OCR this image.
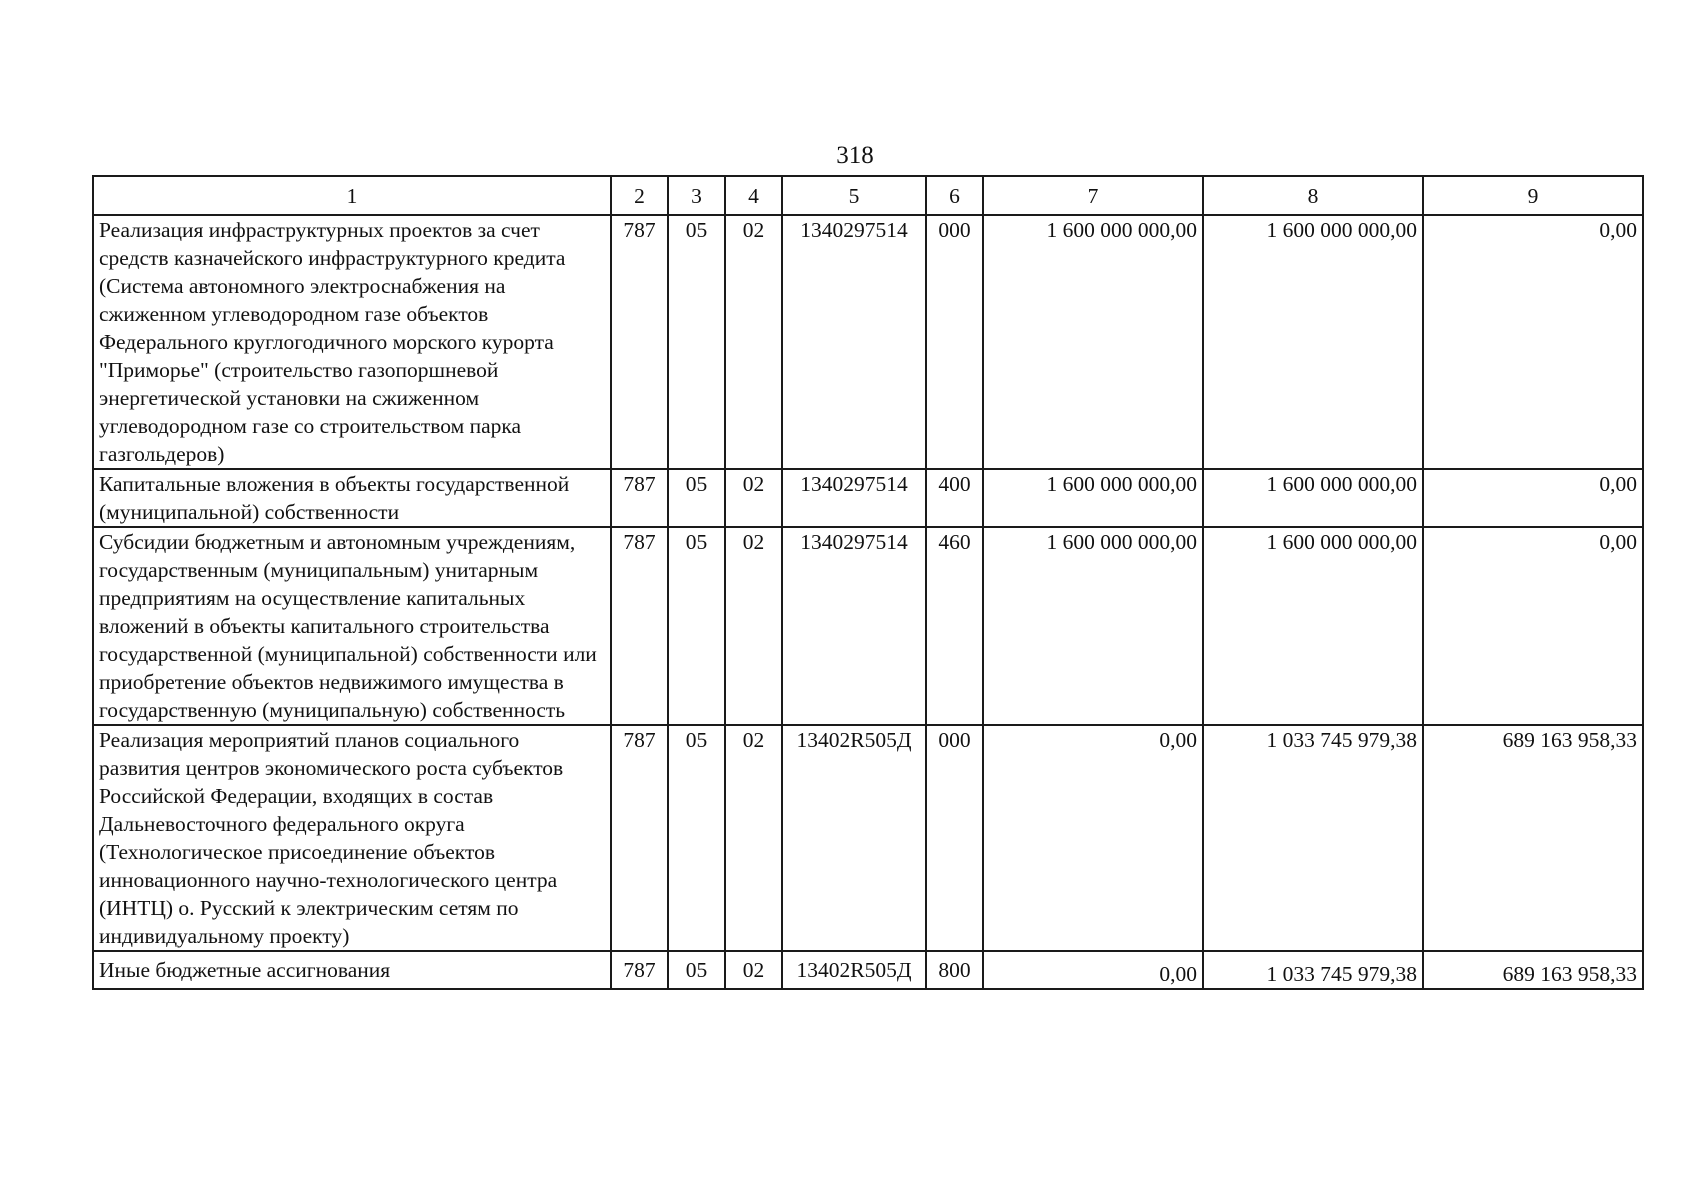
318
1	2	3	4	5	6	7	8	9
Реализация инфраструктурных проектов за счет средств казначейского инфраструктурного кредита (Система автономного электроснабжения на сжиженном углеводородном газе объектов Федерального круглогодичного морского курорта "Приморье" (строительство газопоршневой энергетической установки на сжиженном углеводородном газе со строительством парка газгольдеров)	787	05	02	1340297514	000	1 600 000 000,00	1 600 000 000,00	0,00
Капитальные вложения в объекты государственной (муниципальной) собственности	787	05	02	1340297514	400	1 600 000 000,00	1 600 000 000,00	0,00
Субсидии бюджетным и автономным учреждениям, государственным (муниципальным) унитарным предприятиям на осуществление капитальных вложений в объекты капитального строительства государственной (муниципальной) собственности или приобретение объектов недвижимого имущества в государственную (муниципальную) собственность	787	05	02	1340297514	460	1 600 000 000,00	1 600 000 000,00	0,00
Реализация мероприятий планов социального развития центров экономического роста субъектов Российской Федерации, входящих в состав Дальневосточного федерального округа (Технологическое присоединение объектов инновационного научно-технологического центра (ИНТЦ) о. Русский к электрическим сетям по индивидуальному проекту)	787	05	02	13402R505Д	000	0,00	1 033 745 979,38	689 163 958,33
Иные бюджетные ассигнования	787	05	02	13402R505Д	800	0,00	1 033 745 979,38	689 163 958,33
